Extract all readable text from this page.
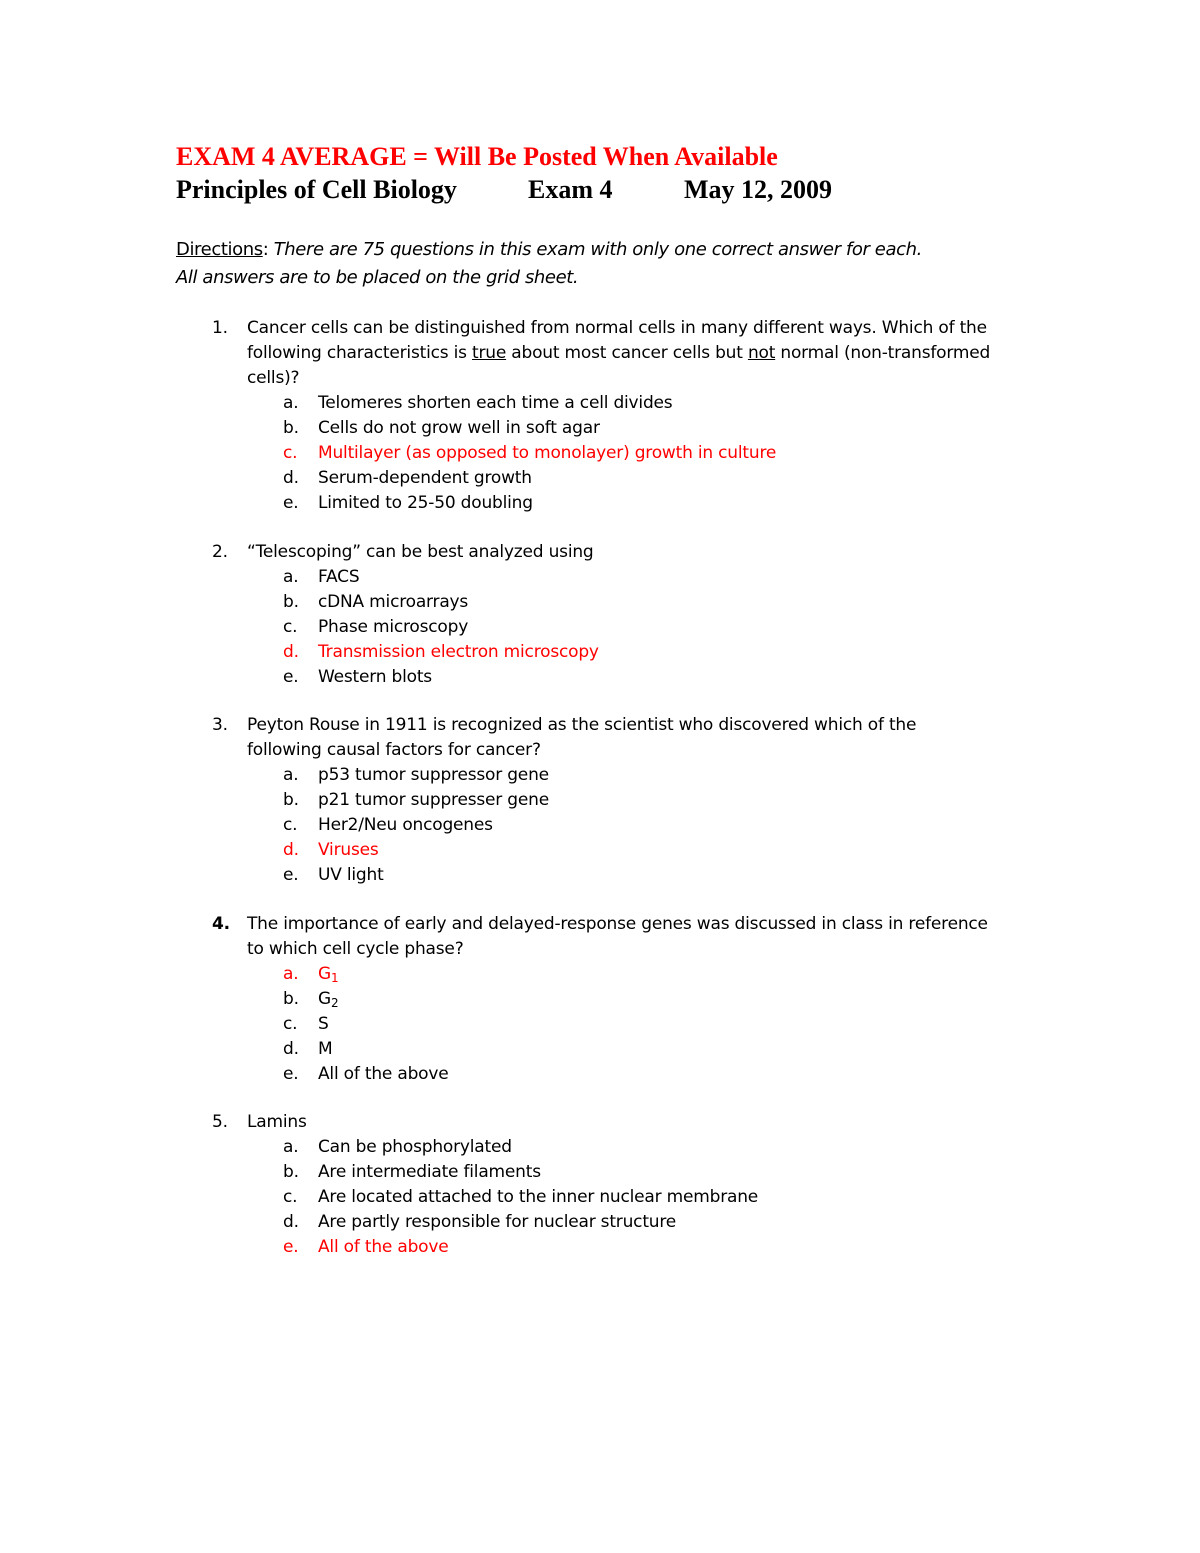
EXAM 4 AVERAGE = Will Be Posted When Available
Principles of Cell Biology	Exam 4	May 12, 2009
Directions: There are 75 questions in this exam with only one correct answer for each.
All answers are to be placed on the grid sheet.
1. Cancer cells can be distinguished from normal cells in many different ways. Which of the
following characteristics is true about most cancer cells but not normal (non-transformed
cells)?
a. Telomeres shorten each time a cell divides
b. Cells do not grow well in soft agar
c. Multilayer (as opposed to monolayer) growth in culture
d. Serum-dependent growth
e. Limited to 25-50 doubling
2. “Telescoping” can be best analyzed using
a. FACS
b. cDNA microarrays
c. Phase microscopy
d. Transmission electron microscopy
e. Western blots
3. Peyton Rouse in 1911 is recognized as the scientist who discovered which of the
following causal factors for cancer?
a. p53 tumor suppressor gene
b. p21 tumor suppresser gene
c. Her2/Neu oncogenes
d. Viruses
e. UV light
4. The importance of early and delayed-response genes was discussed in class in reference
to which cell cycle phase?
a. $G_1$
b. $G_2$
c. S
d. M
e. All of the above
5. Lamins
a. Can be phosphorylated
b. Are intermediate filaments
c. Are located attached to the inner nuclear membrane
d. Are partly responsible for nuclear structure
e. All of the above
